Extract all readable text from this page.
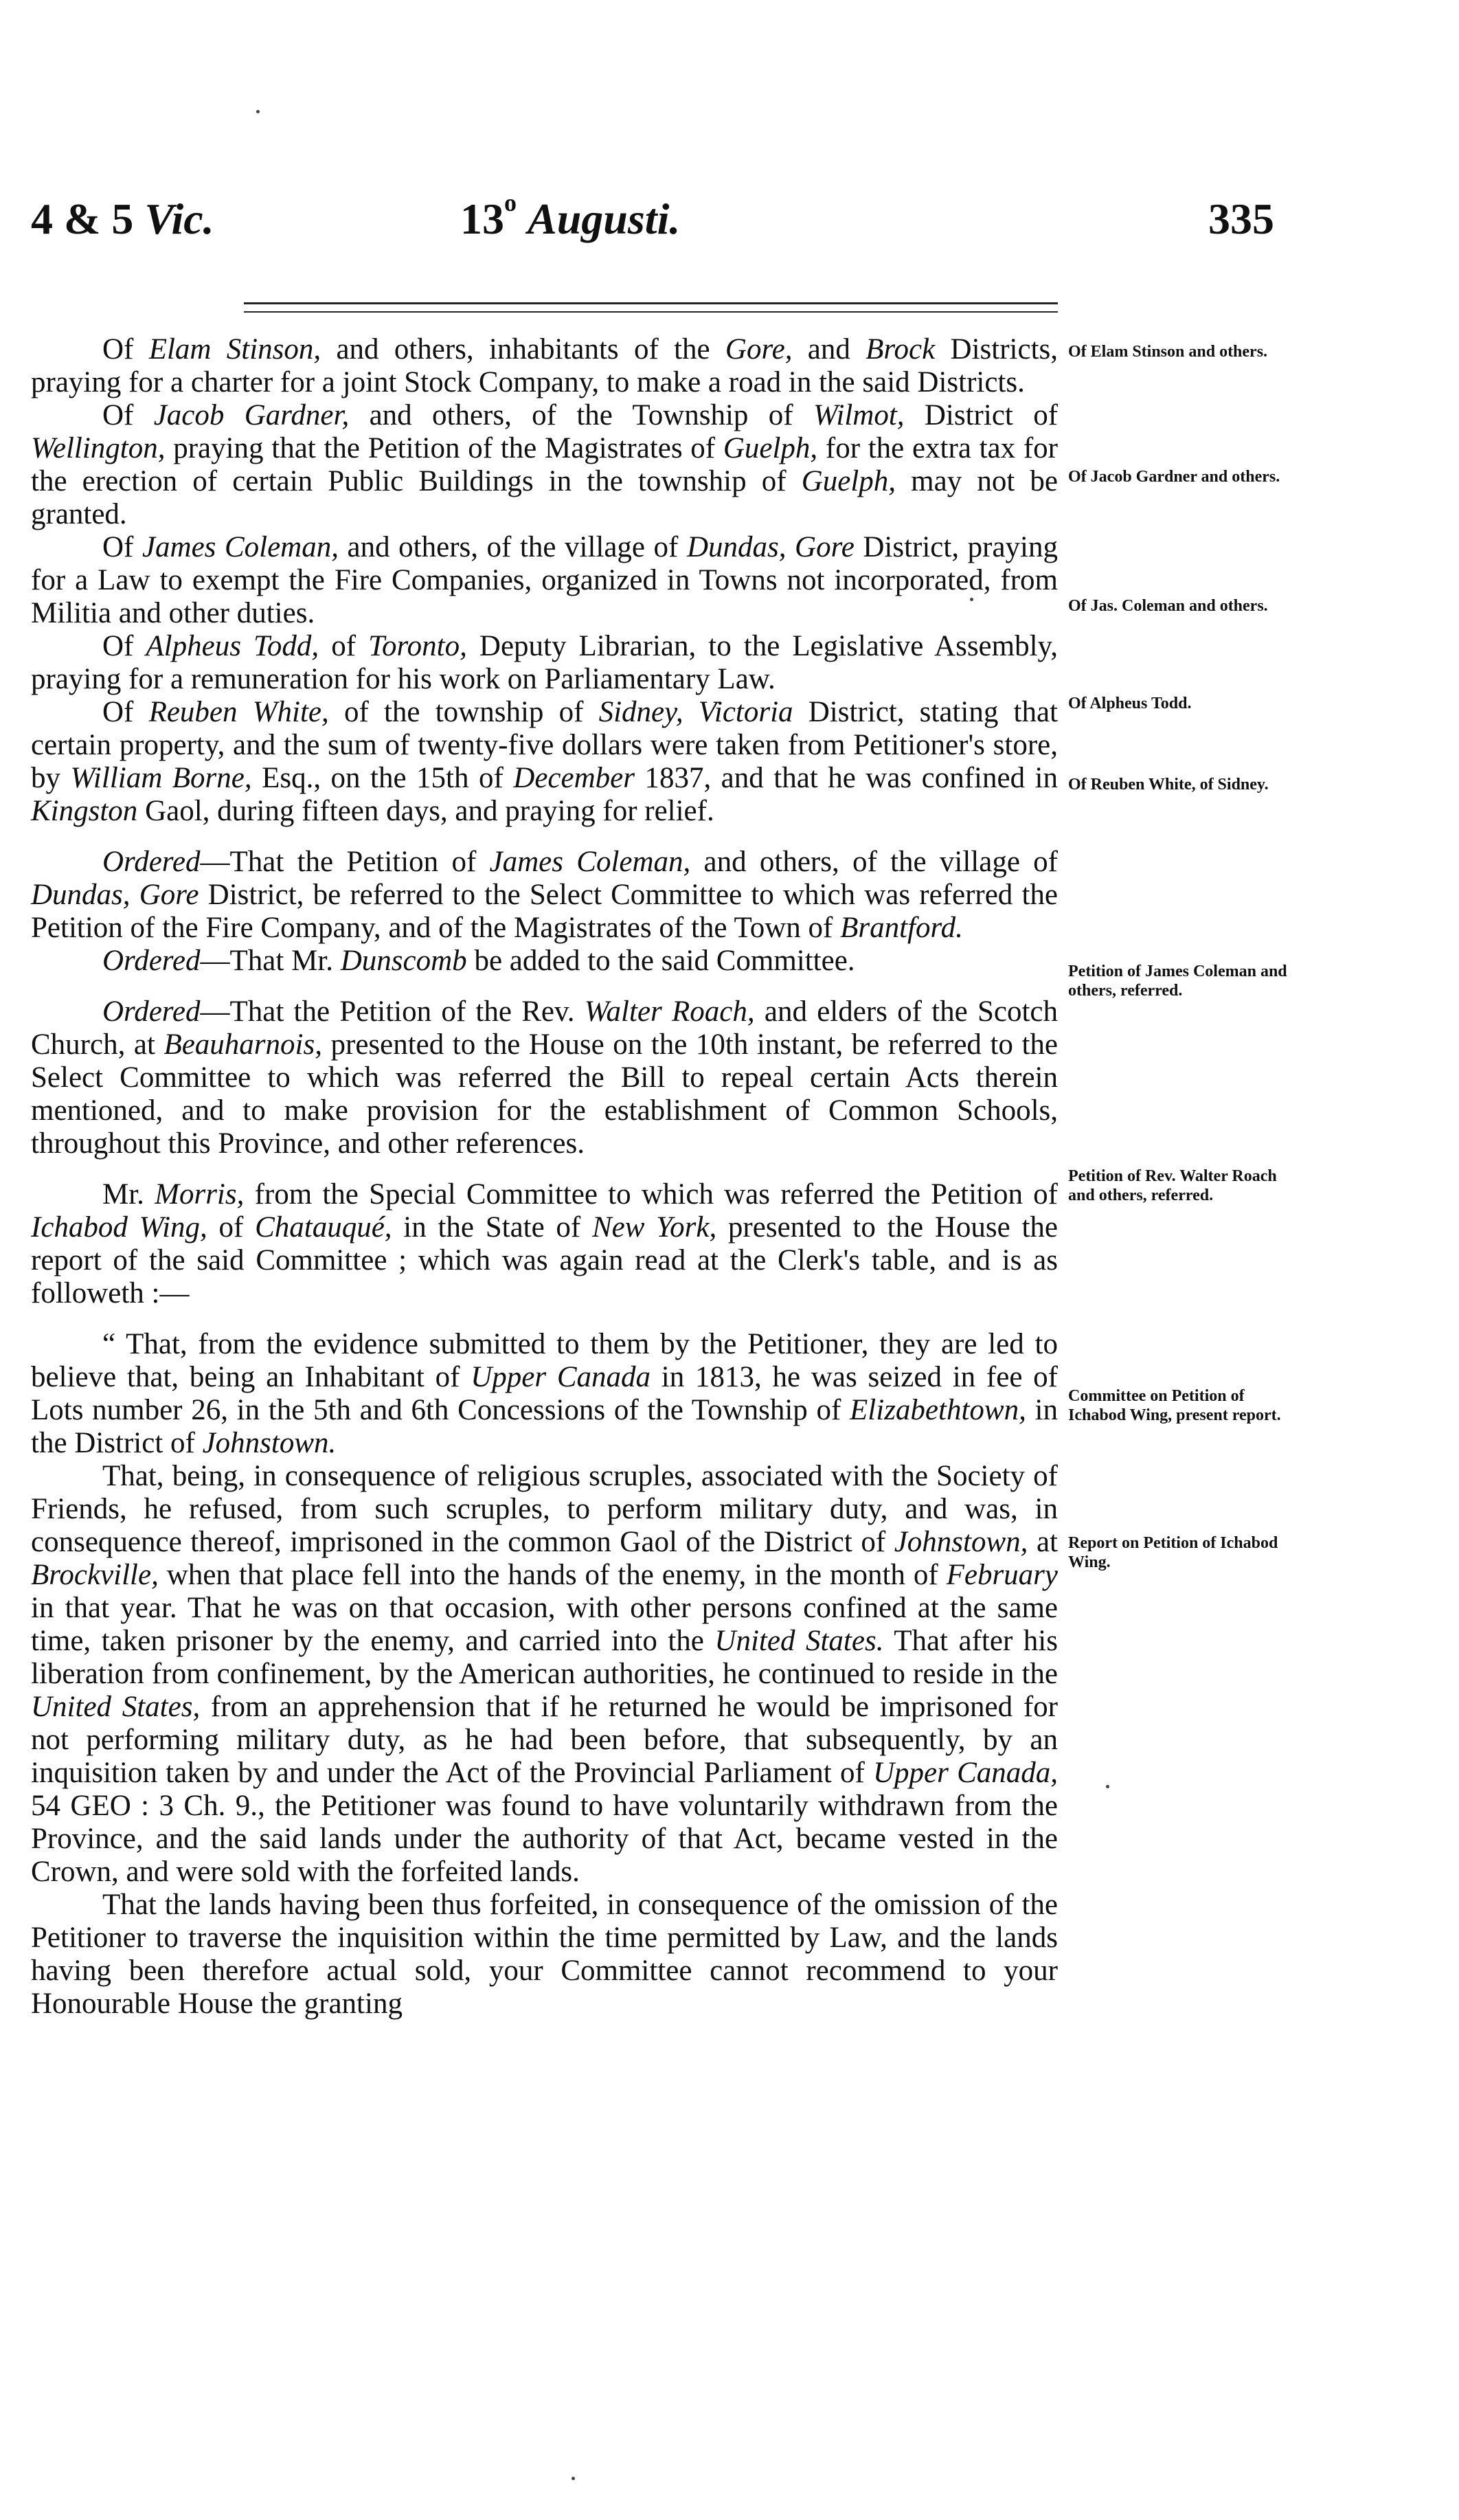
4 & 5 Vic.	13$^o$ Augusti.	335

Of Elam Stinson, and others, inhabitants of the Gore, and Brock Districts, praying for a charter for a joint Stock Company, to make a road in the said Districts.

Of Jacob Gardner, and others, of the Township of Wilmot, District of Wellington, praying that the Petition of the Magistrates of Guelph, for the extra tax for the erection of certain Public Buildings in the township of Guelph, may not be granted.

Of James Coleman, and others, of the village of Dundas, Gore District, praying for a Law to exempt the Fire Companies, organized in Towns not incorporated, from Militia and other duties.

Of Alpheus Todd, of Toronto, Deputy Librarian, to the Legislative Assembly, praying for a remuneration for his work on Parliamentary Law.

Of Reuben White, of the township of Sidney, Victoria District, stating that certain property, and the sum of twenty-five dollars were taken from Petitioner's store, by William Borne, Esq., on the 15th of December 1837, and that he was confined in Kingston Gaol, during fifteen days, and praying for relief.

Ordered—That the Petition of James Coleman, and others, of the village of Dundas, Gore District, be referred to the Select Committee to which was referred the Petition of the Fire Company, and of the Magistrates of the Town of Brantford.

Ordered—That Mr. Dunscomb be added to the said Committee.

Ordered—That the Petition of the Rev. Walter Roach, and elders of the Scotch Church, at Beauharnois, presented to the House on the 10th instant, be referred to the Select Committee to which was referred the Bill to repeal certain Acts therein mentioned, and to make provision for the establishment of Common Schools, throughout this Province, and other references.

Mr. Morris, from the Special Committee to which was referred the Petition of Ichabod Wing, of Chatauqué, in the State of New York, presented to the House the report of the said Committee ; which was again read at the Clerk's table, and is as followeth :—

“ That, from the evidence submitted to them by the Petitioner, they are led to believe that, being an Inhabitant of Upper Canada in 1813, he was seized in fee of Lots number 26, in the 5th and 6th Concessions of the Township of Elizabethtown, in the District of Johnstown.

That, being, in consequence of religious scruples, associated with the Society of Friends, he refused, from such scruples, to perform military duty, and was, in consequence thereof, imprisoned in the common Gaol of the District of Johnstown, at Brockville, when that place fell into the hands of the enemy, in the month of February in that year. That he was on that occasion, with other persons confined at the same time, taken prisoner by the enemy, and carried into the United States. That after his liberation from confinement, by the American authorities, he continued to reside in the United States, from an apprehension that if he returned he would be imprisoned for not performing military duty, as he had been before, that subsequently, by an inquisition taken by and under the Act of the Provincial Parliament of Upper Canada, 54 GEO : 3 Ch. 9., the Petitioner was found to have voluntarily withdrawn from the Province, and the said lands under the authority of that Act, became vested in the Crown, and were sold with the forfeited lands.

That the lands having been thus forfeited, in consequence of the omission of the Petitioner to traverse the inquisition within the time permitted by Law, and the lands having been therefore actual sold, your Committee cannot recommend to your Honourable House the granting

Of Elam Stinson and others.
Of Jacob Gardner and others.
Of Jas. Coleman and others.
Of Alpheus Todd.
Of Reuben White, of Sidney.
Petition of James Coleman and others, referred.
Petition of Rev. Walter Roach and others, referred.
Committee on Petition of Ichabod Wing, present report.
Report on Petition of Ichabod Wing.
